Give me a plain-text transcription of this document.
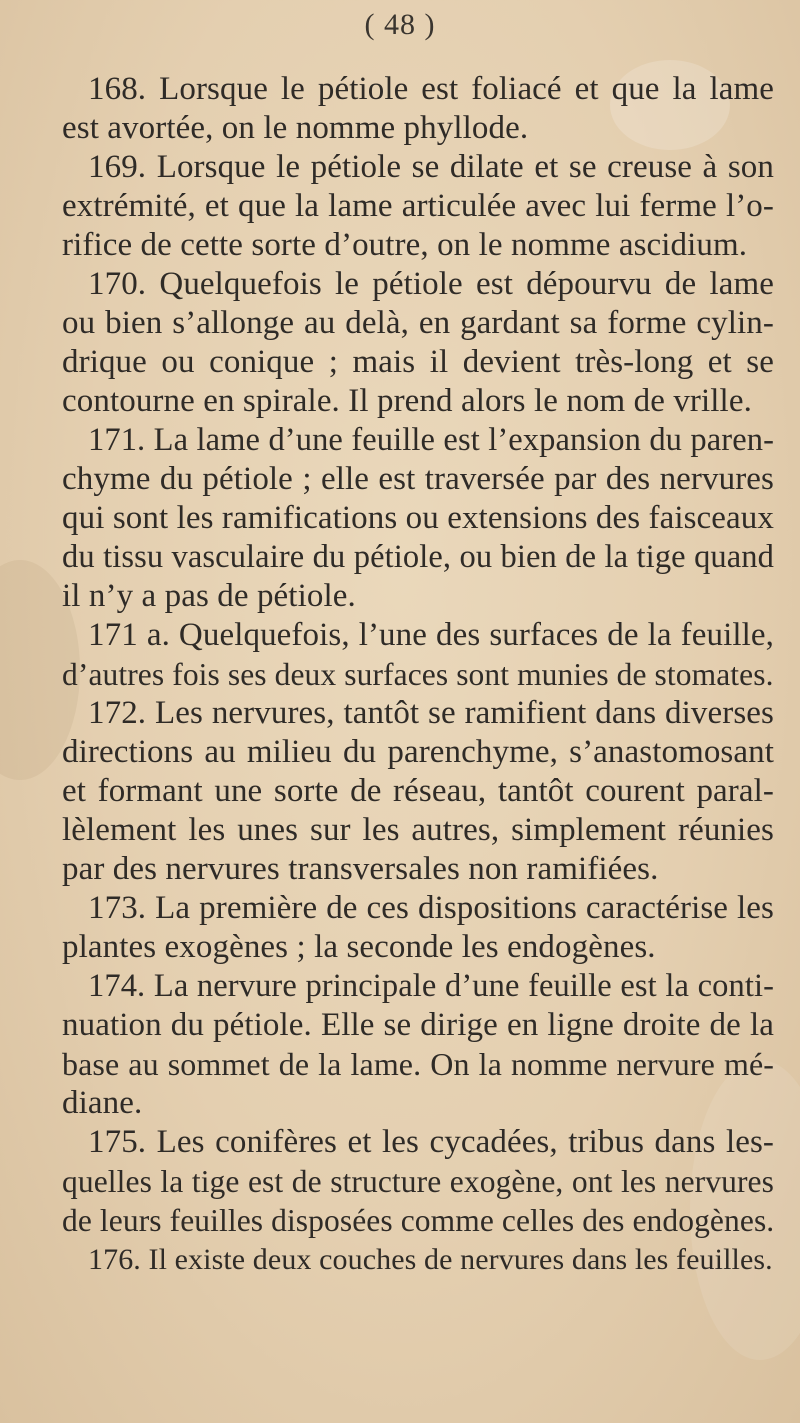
( 48 )
168. Lorsque le pétiole est foliacé et que la lame
est avortée, on le nomme phyllode.
169. Lorsque le pétiole se dilate et se creuse à son
extrémité, et que la lame articulée avec lui ferme l’o-
rifice de cette sorte d’outre, on le nomme ascidium.
170. Quelquefois le pétiole est dépourvu de lame
ou bien s’allonge au delà, en gardant sa forme cylin-
drique ou conique ; mais il devient très-long et se
contourne en spirale. Il prend alors le nom de vrille.
171. La lame d’une feuille est l’expansion du paren-
chyme du pétiole ; elle est traversée par des nervures
qui sont les ramifications ou extensions des faisceaux
du tissu vasculaire du pétiole, ou bien de la tige quand
il n’y a pas de pétiole.
171 a. Quelquefois, l’une des surfaces de la feuille,
d’autres fois ses deux surfaces sont munies de stomates.
172. Les nervures, tantôt se ramifient dans diverses
directions au milieu du parenchyme, s’anastomosant
et formant une sorte de réseau, tantôt courent paral-
lèlement les unes sur les autres, simplement réunies
par des nervures transversales non ramifiées.
173. La première de ces dispositions caractérise les
plantes exogènes ; la seconde les endogènes.
174. La nervure principale d’une feuille est la conti-
nuation du pétiole. Elle se dirige en ligne droite de la
base au sommet de la lame. On la nomme nervure mé-
diane.
175. Les conifères et les cycadées, tribus dans les-
quelles la tige est de structure exogène, ont les nervures
de leurs feuilles disposées comme celles des endogènes.
176. Il existe deux couches de nervures dans les feuilles.
